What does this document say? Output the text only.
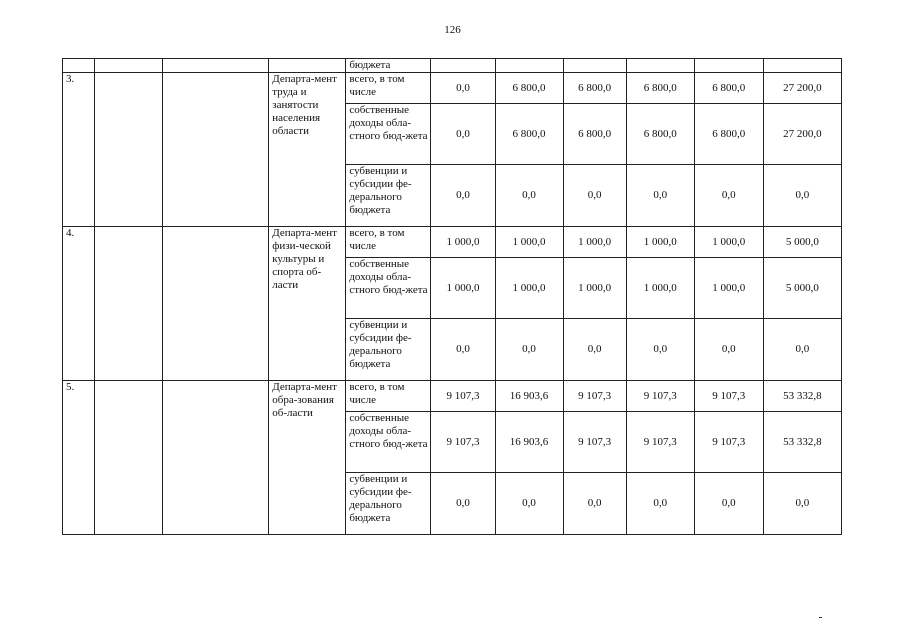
126
				бюджета						
3.			Департа-мент труда и занятости населения области	всего, в том числе	0,0	6 800,0	6 800,0	6 800,0	6 800,0	27 200,0
				собственные доходы обла-стного бюд-жета	0,0	6 800,0	6 800,0	6 800,0	6 800,0	27 200,0
				субвенции и субсидии фе-дерального бюджета	0,0	0,0	0,0	0,0	0,0	0,0
4.			Департа-мент физи-ческой культуры и спорта об-ласти	всего, в том числе	1 000,0	1 000,0	1 000,0	1 000,0	1 000,0	5 000,0
				собственные доходы обла-стного бюд-жета	1 000,0	1 000,0	1 000,0	1 000,0	1 000,0	5 000,0
				субвенции и субсидии фе-дерального бюджета	0,0	0,0	0,0	0,0	0,0	0,0
5.			Департа-мент обра-зования об-ласти	всего, в том числе	9 107,3	16 903,6	9 107,3	9 107,3	9 107,3	53 332,8
				собственные доходы обла-стного бюд-жета	9 107,3	16 903,6	9 107,3	9 107,3	9 107,3	53 332,8
				субвенции и субсидии фе-дерального бюджета	0,0	0,0	0,0	0,0	0,0	0,0
